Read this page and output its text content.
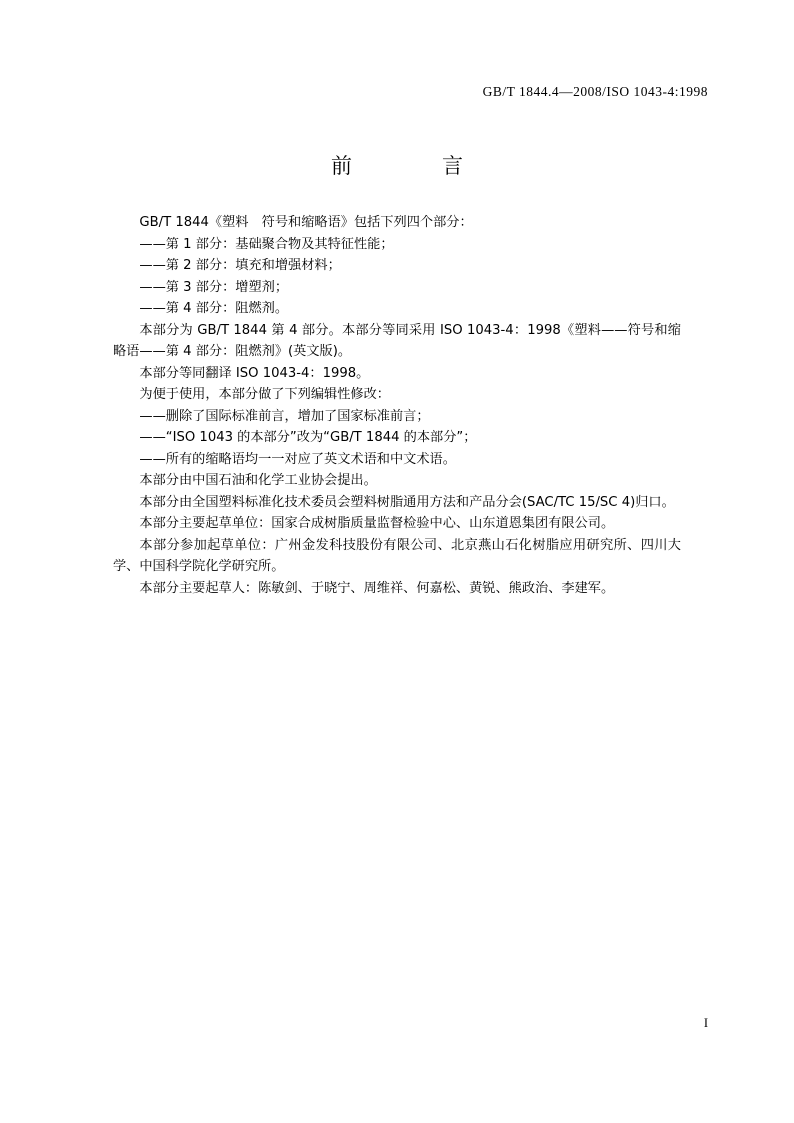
GB/T 1844.4—2008/ISO 1043-4:1998
前　　言

GB/T 1844《塑料　符号和缩略语》包括下列四个部分：

——第 1 部分：基础聚合物及其特征性能；

——第 2 部分：填充和增强材料；

——第 3 部分：增塑剂；

——第 4 部分：阻燃剂。

本部分为 GB/T 1844 第 4 部分。本部分等同采用 ISO 1043-4：1998《塑料——符号和缩略语——第 4 部分：阻燃剂》(英文版)。

本部分等同翻译 ISO 1043-4：1998。

为便于使用，本部分做了下列编辑性修改：

——删除了国际标准前言，增加了国家标准前言；

——“ISO 1043 的本部分”改为“GB/T 1844 的本部分”；

——所有的缩略语均一一对应了英文术语和中文术语。

本部分由中国石油和化学工业协会提出。

本部分由全国塑料标准化技术委员会塑料树脂通用方法和产品分会(SAC/TC 15/SC 4)归口。

本部分主要起草单位：国家合成树脂质量监督检验中心、山东道恩集团有限公司。

本部分参加起草单位：广州金发科技股份有限公司、北京燕山石化树脂应用研究所、四川大学、中国科学院化学研究所。

本部分主要起草人：陈敏剑、于晓宁、周维祥、何嘉松、黄锐、熊政治、李建军。

I
